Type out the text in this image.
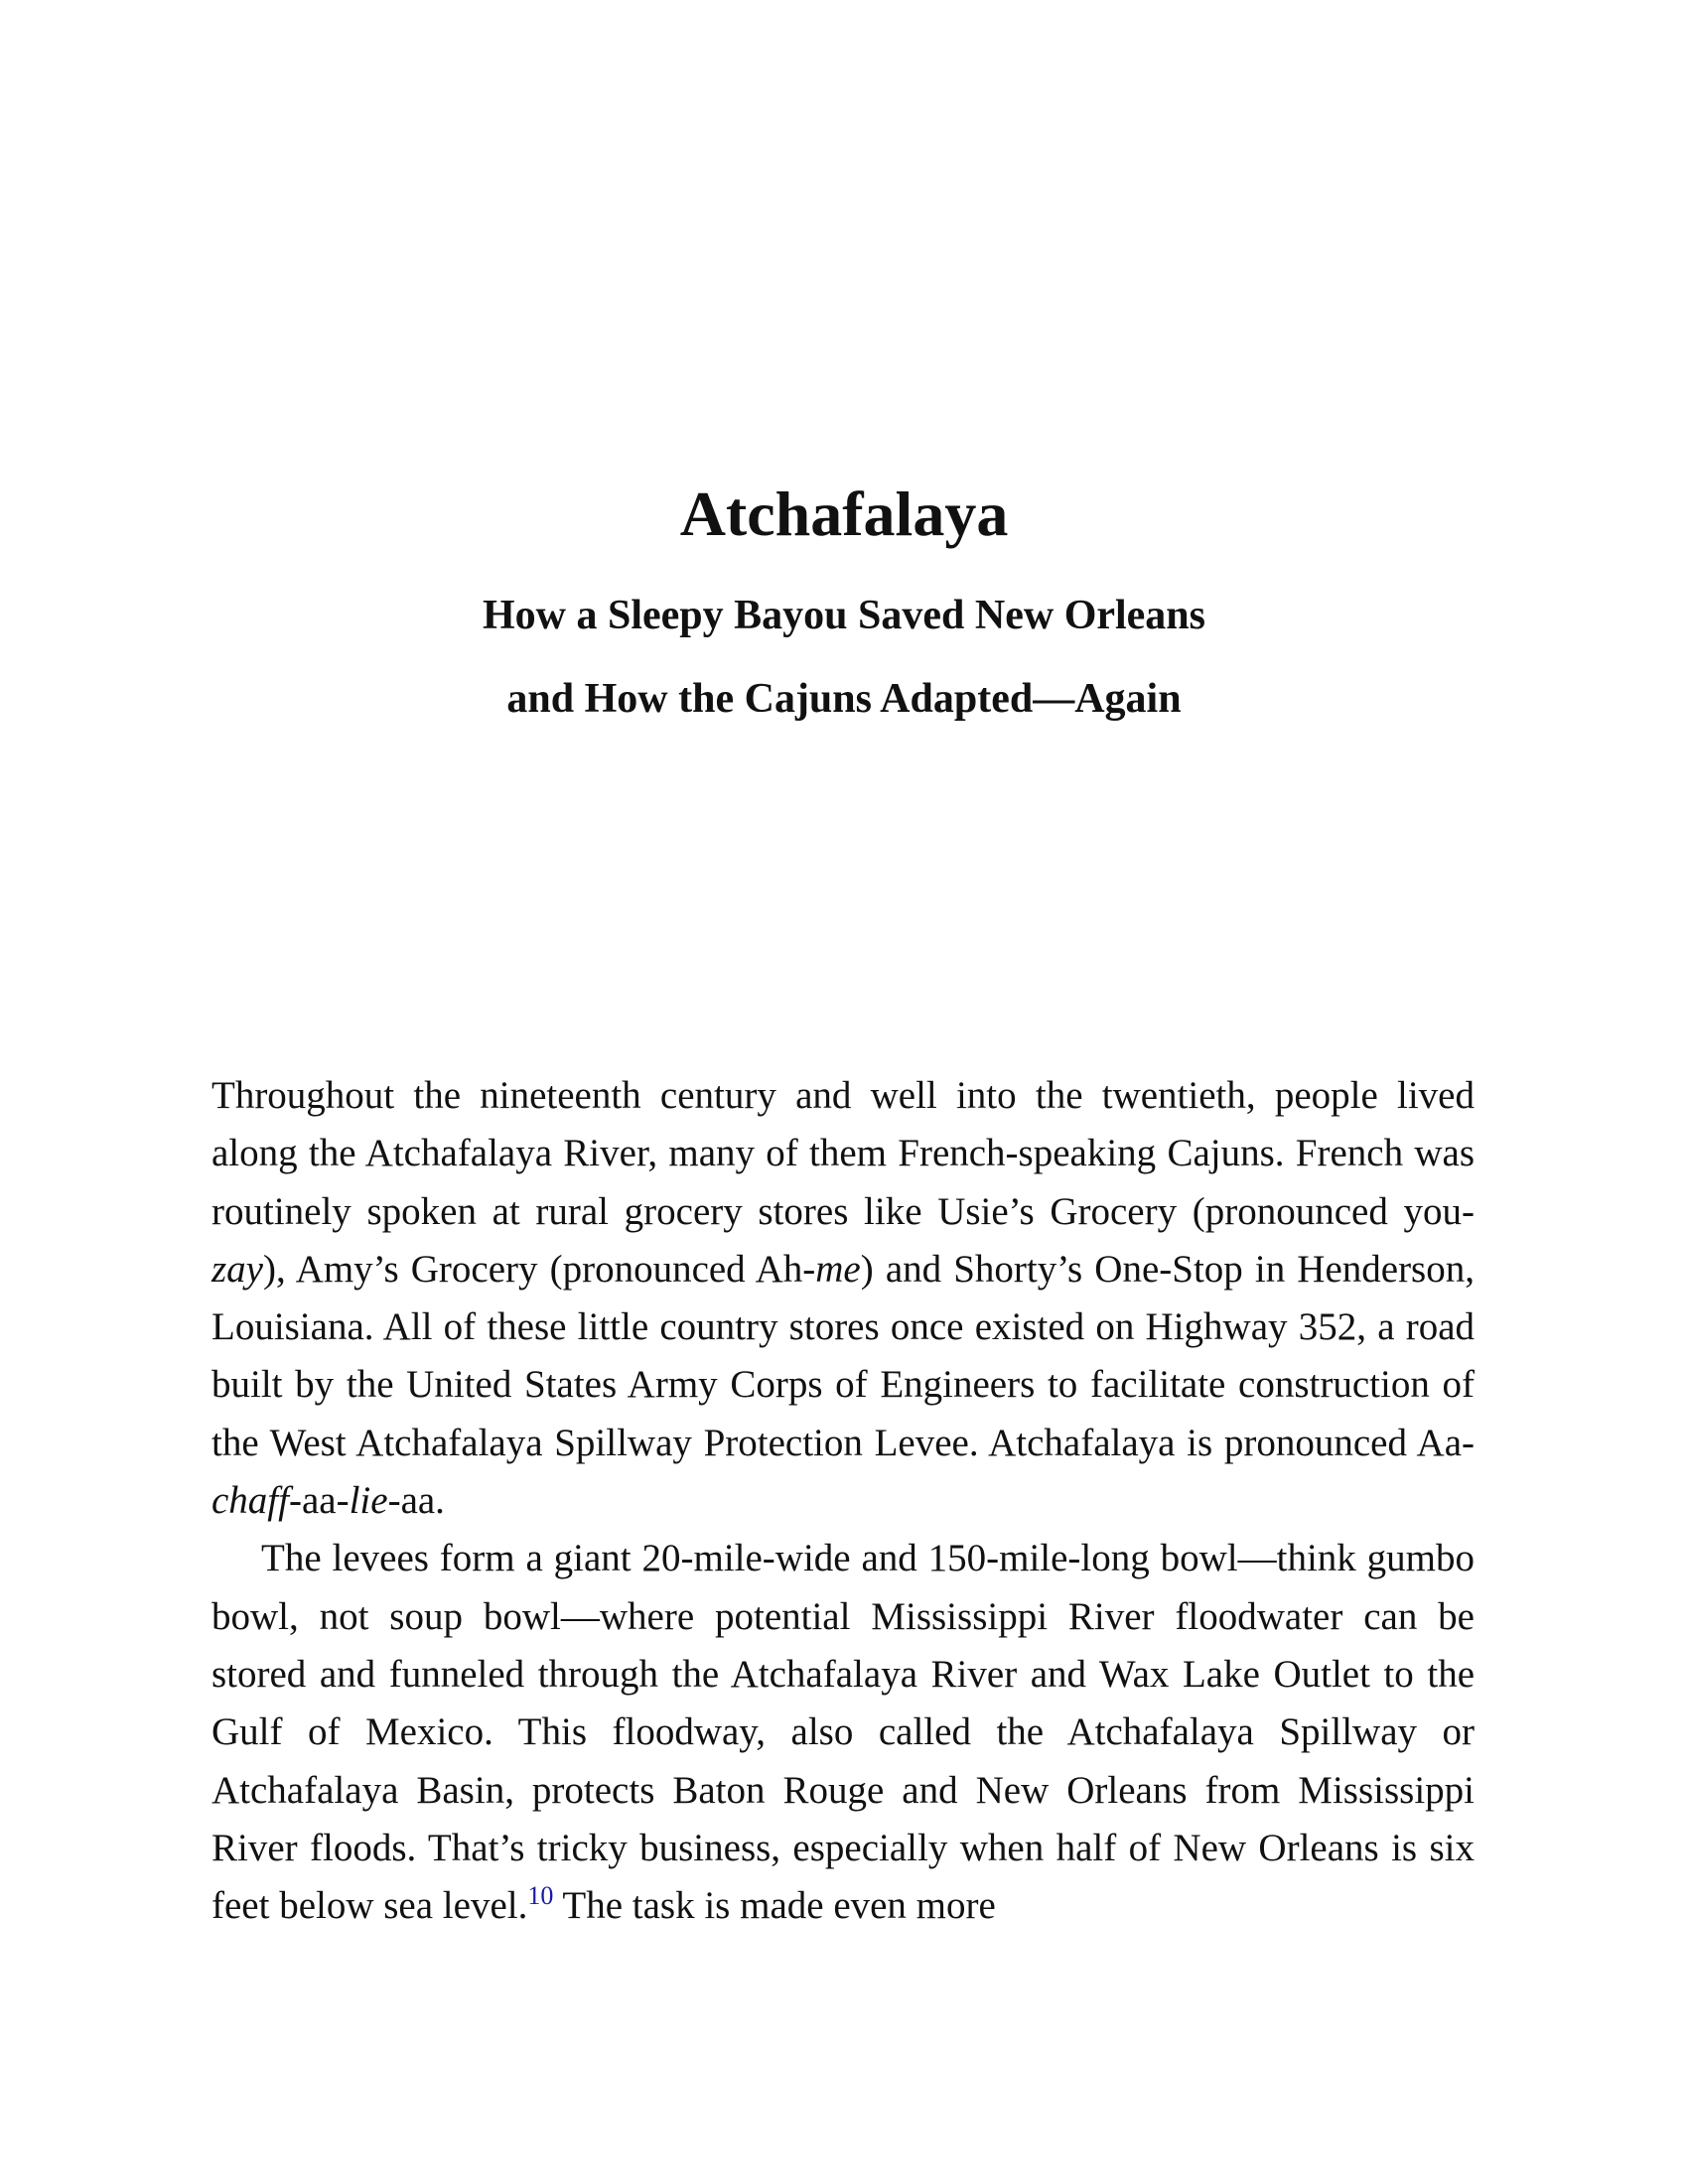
Atchafalaya
How a Sleepy Bayou Saved New Orleans
and How the Cajuns Adapted—Again

Throughout the nineteenth century and well into the twentieth, people lived along the Atchafalaya River, many of them French-speaking Cajuns. French was routinely spoken at rural grocery stores like Usie’s Grocery (pronounced you-zay), Amy’s Grocery (pronounced Ah-me) and Shorty’s One-Stop in Henderson, Louisiana. All of these little country stores once existed on Highway 352, a road built by the United States Army Corps of Engineers to facilitate construction of the West Atchafalaya Spillway Protection Levee. Atchafalaya is pronounced Aa-chaff-aa-lie-aa.

The levees form a giant 20-mile-wide and 150-mile-long bowl—think gumbo bowl, not soup bowl—where potential Mississippi River floodwater can be stored and funneled through the Atchafalaya River and Wax Lake Outlet to the Gulf of Mexico. This floodway, also called the Atchafalaya Spillway or Atchafalaya Basin, protects Baton Rouge and New Orleans from Mississippi River floods. That’s tricky business, especially when half of New Orleans is six feet below sea level.$^{10}$ The task is made even more
